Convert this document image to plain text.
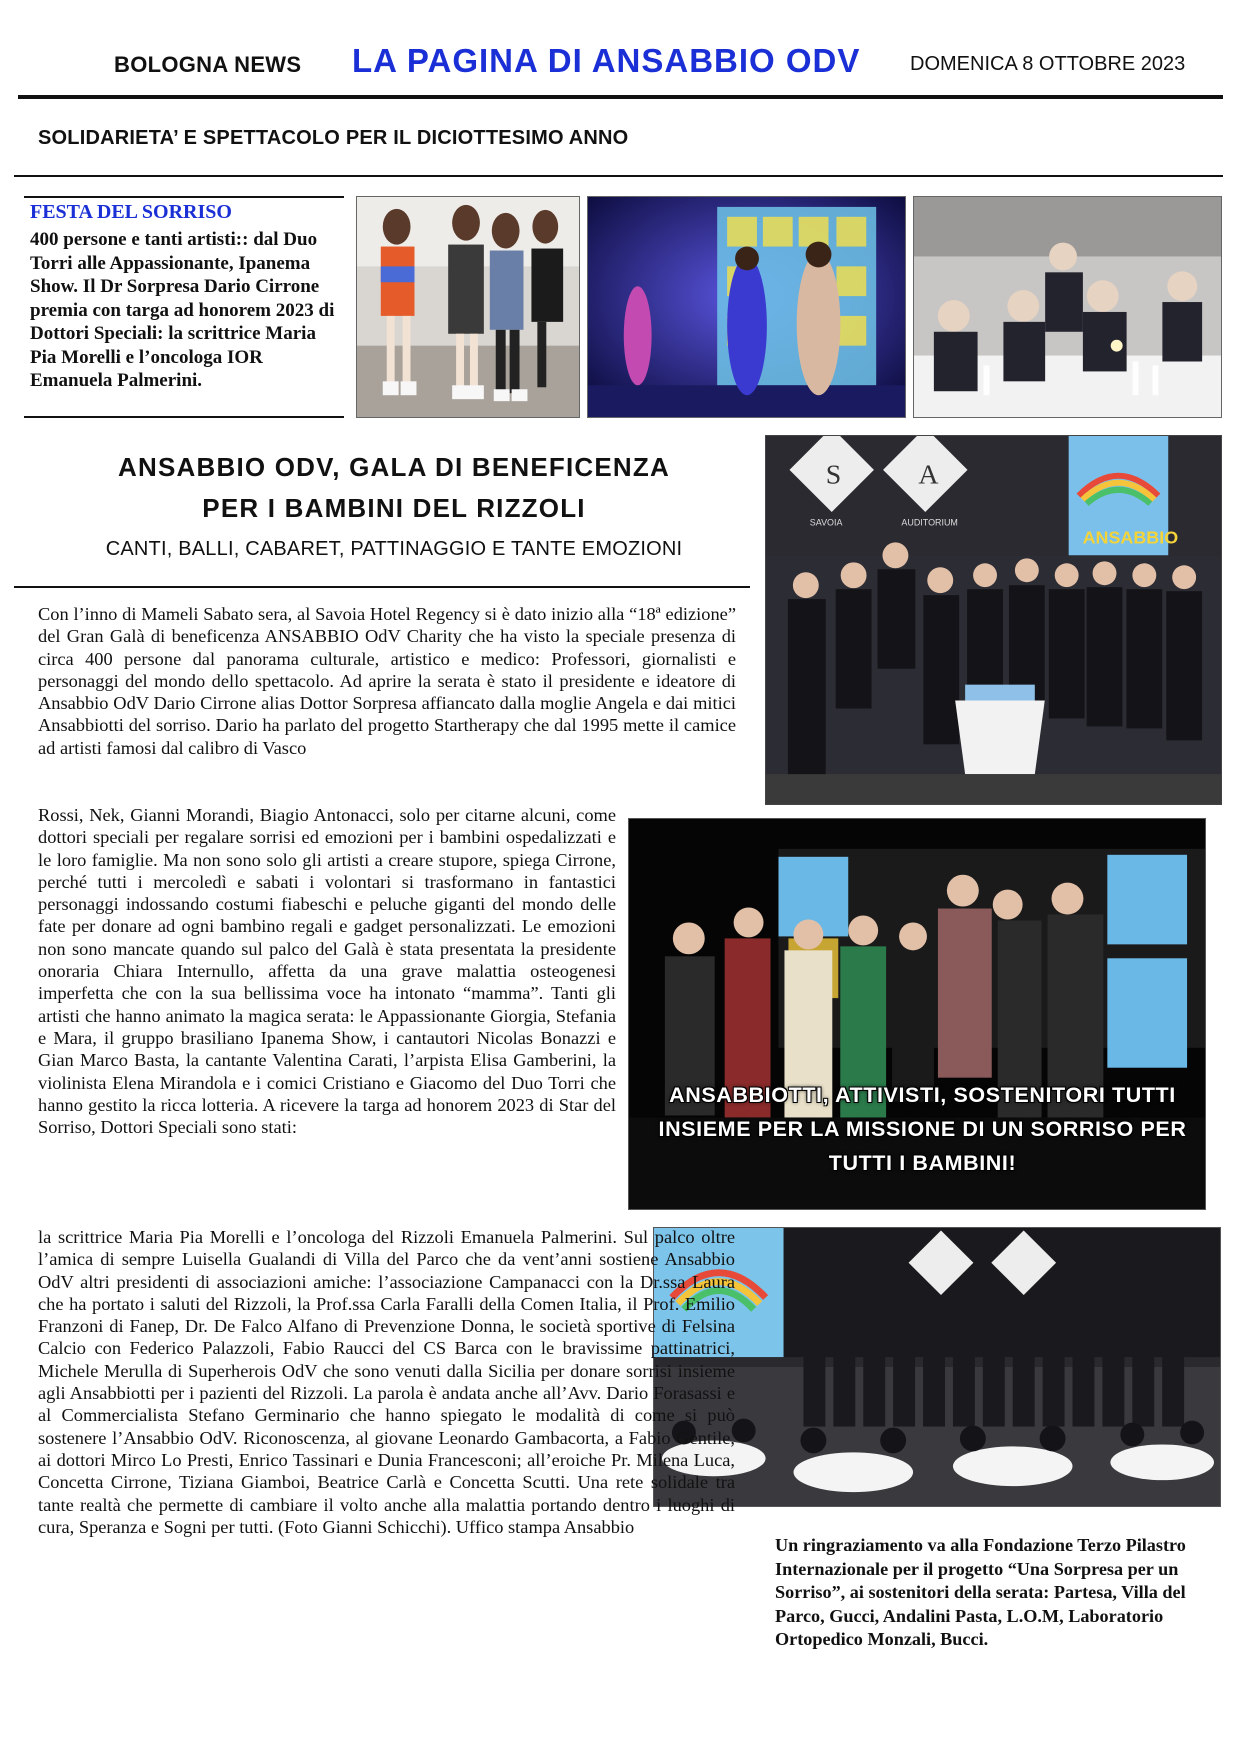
BOLOGNA NEWS LA PAGINA DI ANSABBIO ODV DOMENICA 8 OTTOBRE 2023
SOLIDARIETA’ E SPETTACOLO PER IL DICIOTTESIMO ANNO
FESTA DEL SORRISO
400 persone e tanti artisti:: dal Duo Torri alle Appassionante, Ipanema Show. Il Dr Sorpresa Dario Cirrone premia con targa ad honorem 2023 di Dottori Speciali: la scrittrice Maria Pia Morelli e l’oncologa IOR Emanuela Palmerini.
ANSABBIO ODV, GALA DI BENEFICENZA
PER I BAMBINI DEL RIZZOLI
CANTI, BALLI, CABARET, PATTINAGGIO E TANTE EMOZIONI
S	A
SAVOIA	AUDITORIUM
ANSABBIO

Con l’inno di Mameli Sabato sera, al Savoia Hotel Regency si è dato inizio alla “18ª edizione” del Gran Galà di beneficenza ANSABBIO OdV Charity che ha visto la speciale presenza di circa 400 persone dal panorama culturale, artistico e medico: Professori, giornalisti e personaggi del mondo dello spettacolo. Ad aprire la serata è stato il presidente e ideatore di Ansabbio OdV Dario Cirrone alias Dottor Sorpresa affiancato dalla moglie Angela e dai mitici Ansabbiotti del sorriso. Dario ha parlato del progetto Startherapy che dal 1995 mette il camice ad artisti famosi dal calibro di Vasco

ANSABBIOTTI, ATTIVISTI, SOSTENITORI TUTTI INSIEME PER LA MISSIONE DI UN SORRISO PER TUTTI I BAMBINI!

Rossi, Nek, Gianni Morandi, Biagio Antonacci, solo per citarne alcuni, come dottori speciali per regalare sorrisi ed emozioni per i bambini ospedalizzati e le loro famiglie. Ma non sono solo gli artisti a creare stupore, spiega Cirrone, perché tutti i mercoledì e sabati i volontari si trasformano in fantastici personaggi indossando costumi fiabeschi e peluche giganti del mondo delle fate per donare ad ogni bambino regali e gadget personalizzati. Le emozioni non sono mancate quando sul palco del Galà è stata presentata la presidente onoraria Chiara Internullo, affetta da una grave malattia osteogenesi imperfetta che con la sua bellissima voce ha intonato “mamma”. Tanti gli artisti che hanno animato la magica serata: le Appassionante Giorgia, Stefania e Mara, il gruppo brasiliano Ipanema Show, i cantautori Nicolas Bonazzi e Gian Marco Basta, la cantante Valentina Carati, l’arpista Elisa Gamberini, la violinista Elena Mirandola e i comici Cristiano e Giacomo del Duo Torri che hanno gestito la ricca lotteria. A ricevere la targa ad honorem 2023 di Star del Sorriso, Dottori Speciali sono stati:

la scrittrice Maria Pia Morelli e l’oncologa del Rizzoli Emanuela Palmerini. Sul palco oltre l’amica di sempre Luisella Gualandi di Villa del Parco che da vent’anni sostiene Ansabbio OdV altri presidenti di associazioni amiche: l’associazione Campanacci con la Dr.ssa Laura che ha portato i saluti del Rizzoli, la Prof.ssa Carla Faralli della Comen Italia, il Prof. Emilio Franzoni di Fanep, Dr. De Falco Alfano di Prevenzione Donna, le società sportive di Felsina Calcio con Federico Palazzoli, Fabio Raucci del CS Barca con le bravissime pattinatrici, Michele Merulla di Superherois OdV che sono venuti dalla Sicilia per donare sorrisi insieme agli Ansabbiotti per i pazienti del Rizzoli. La parola è andata anche all’Avv. Dario Forasassi e al Commercialista Stefano Germinario che hanno spiegato le modalità di come si può sostenere l’Ansabbio OdV. Riconoscenza, al giovane Leonardo Gambacorta, a Fabio Gentile, ai dottori Mirco Lo Presti, Enrico Tassinari e Dunia Francesconi; all’eroiche Pr. Milena Luca, Concetta Cirrone, Tiziana Giamboi, Beatrice Carlà e Concetta Scutti. Una rete solidale tra tante realtà che permette di cambiare il volto anche alla malattia portando dentro i luoghi di cura, Speranza e Sogni per tutti. (Foto Gianni Schicchi). Uffico stampa Ansabbio

Un ringraziamento va alla Fondazione Terzo Pilastro Internazionale per il progetto “Una Sorpresa per un Sorriso”, ai sostenitori della serata: Partesa, Villa del Parco, Gucci, Andalini Pasta, L.O.M, Laboratorio Ortopedico Monzali, Bucci.
